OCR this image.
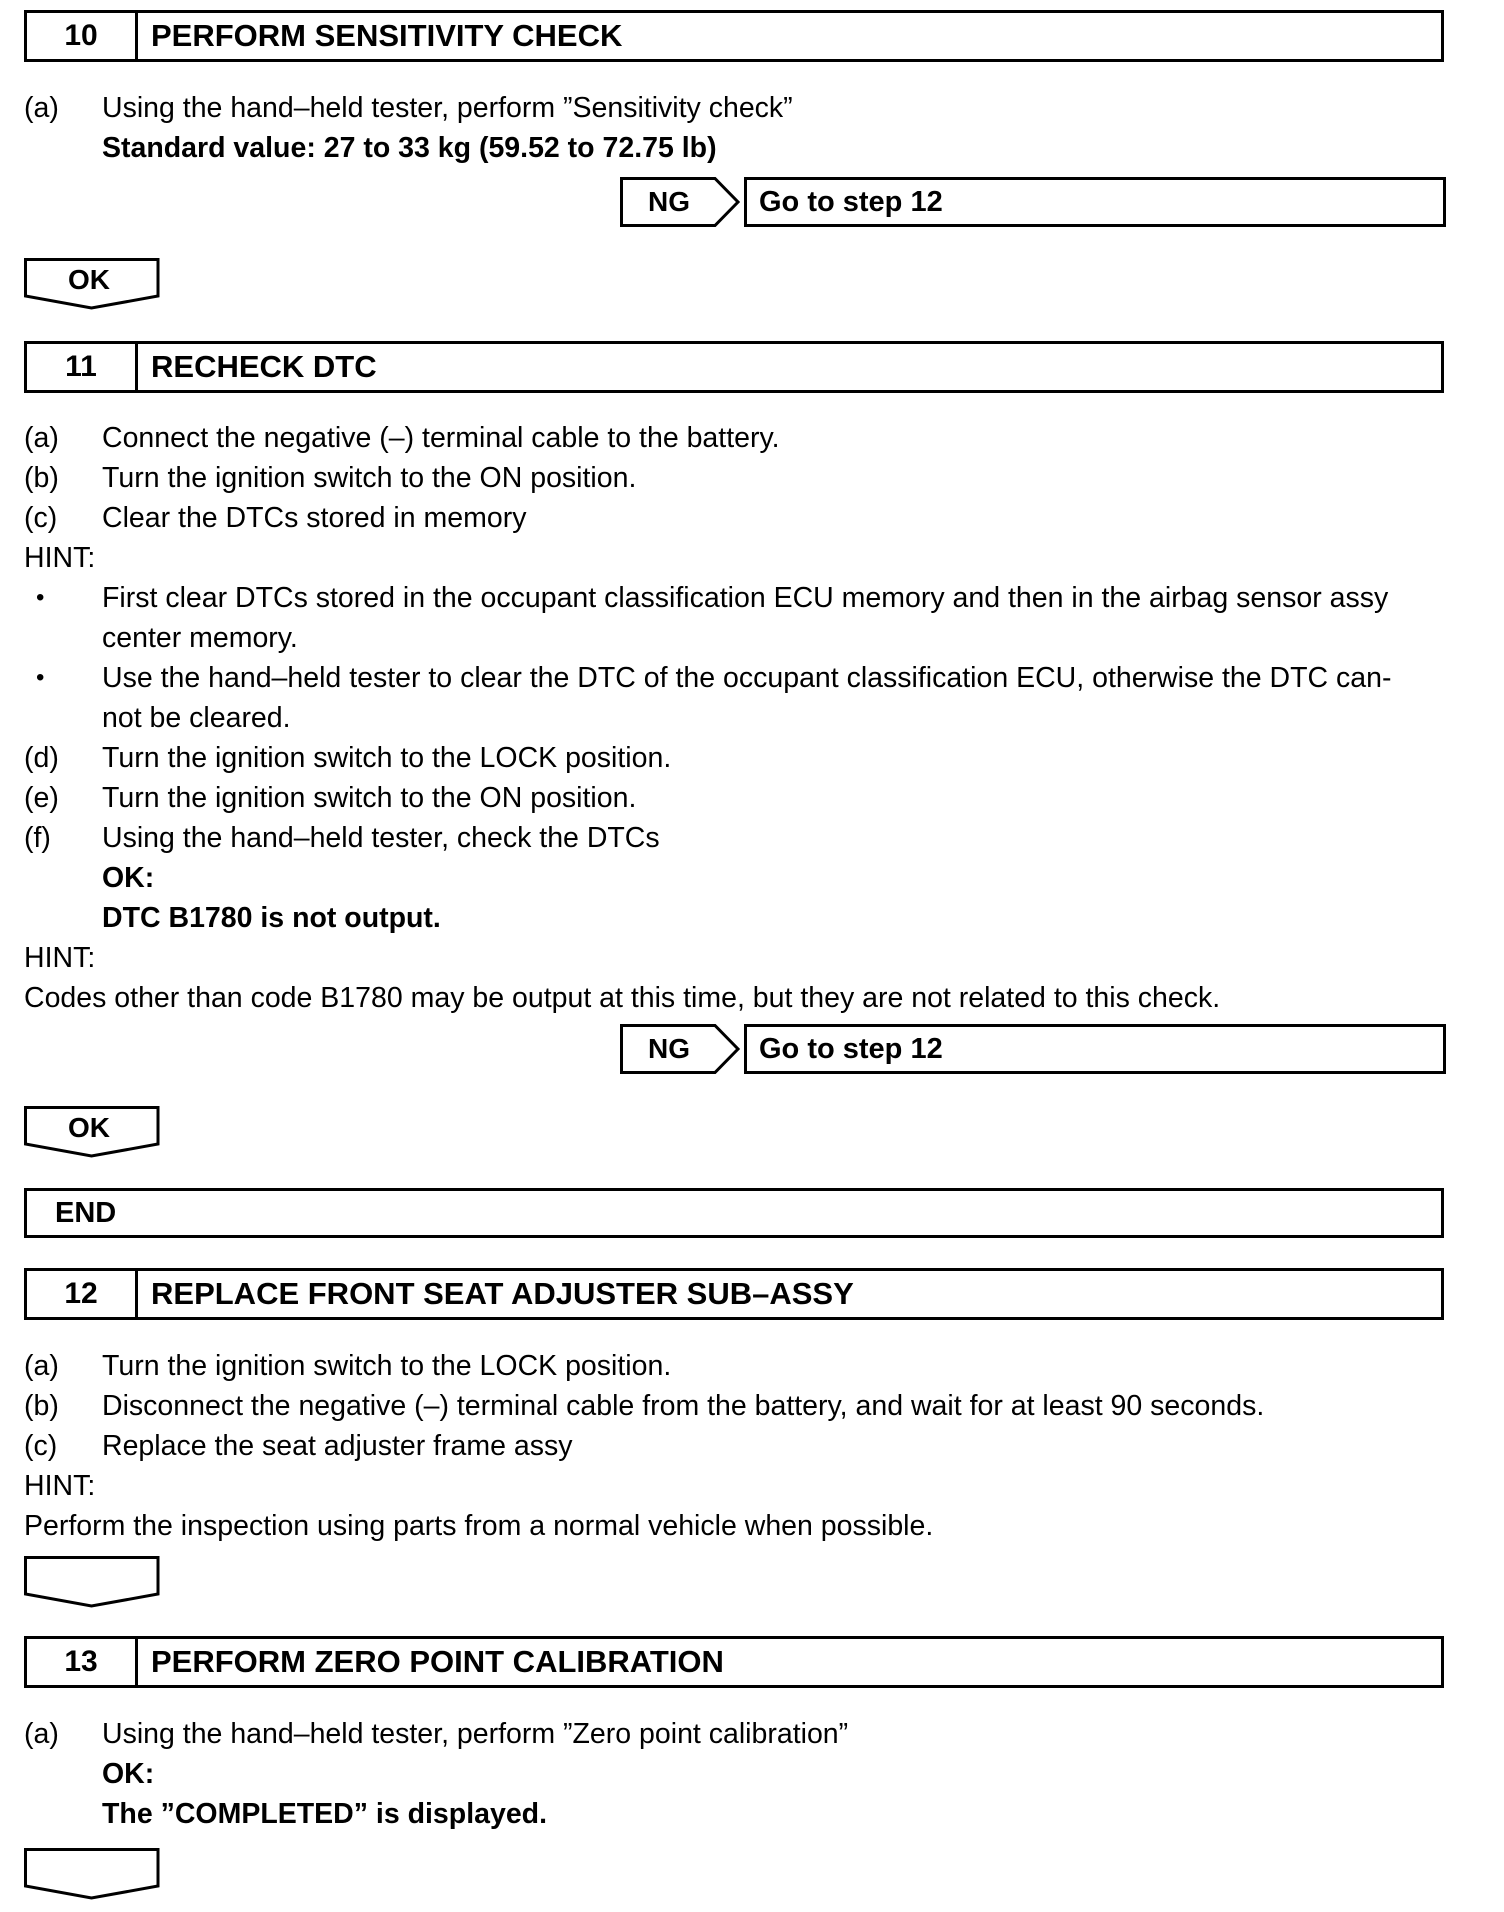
10	PERFORM SENSITIVITY CHECK
(a) Using the hand–held tester, perform ”Sensitivity check”
Standard value: 27 to 33 kg (59.52 to 72.75 lb)
NG Go to step 12
OK
11	RECHECK DTC
(a) Connect the negative (–) terminal cable to the battery.
(b) Turn the ignition switch to the ON position.
(c) Clear the DTCs stored in memory
HINT:
• First clear DTCs stored in the occupant classification ECU memory and then in the airbag sensor assy
center memory.
• Use the hand–held tester to clear the DTC of the occupant classification ECU, otherwise the DTC can-
not be cleared.
(d) Turn the ignition switch to the LOCK position.
(e) Turn the ignition switch to the ON position.
(f) Using the hand–held tester, check the DTCs
OK:
DTC B1780 is not output.
HINT:
Codes other than code B1780 may be output at this time, but they are not related to this check.
NG Go to step 12
OK
END
12	REPLACE FRONT SEAT ADJUSTER SUB–ASSY
(a) Turn the ignition switch to the LOCK position.
(b) Disconnect the negative (–) terminal cable from the battery, and wait for at least 90 seconds.
(c) Replace the seat adjuster frame assy
HINT:
Perform the inspection using parts from a normal vehicle when possible.
13	PERFORM ZERO POINT CALIBRATION
(a) Using the hand–held tester, perform ”Zero point calibration”
OK:
The ”COMPLETED” is displayed.
